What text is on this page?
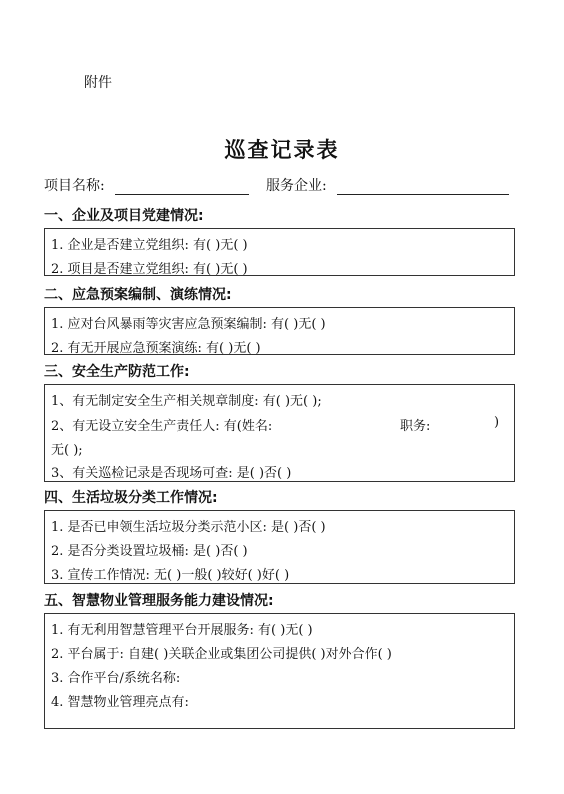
附件
巡查记录表
项目名称:	服务企业:
一、企业及项目党建情况:
1. 企业是否建立党组织: 有( )无( )
2. 项目是否建立党组织: 有( )无( )
二、应急预案编制、演练情况:
1. 应对台风暴雨等灾害应急预案编制: 有( )无( )
2. 有无开展应急预案演练: 有( )无( )
三、安全生产防范工作:
1、有无制定安全生产相关规章制度: 有( )无( );
2、有无设立安全生产责任人: 有(姓名:	职务:	)
无( );
3、有关巡检记录是否现场可查: 是( )否( )
四、生活垃圾分类工作情况:
1. 是否已申领生活垃圾分类示范小区: 是( )否( )
2. 是否分类设置垃圾桶: 是( )否( )
3. 宣传工作情况: 无( )一般( )较好( )好( )
五、智慧物业管理服务能力建设情况:
1. 有无利用智慧管理平台开展服务: 有( )无( )
2. 平台属于: 自建( )关联企业或集团公司提供( )对外合作( )
3. 合作平台/系统名称:
4. 智慧物业管理亮点有:
